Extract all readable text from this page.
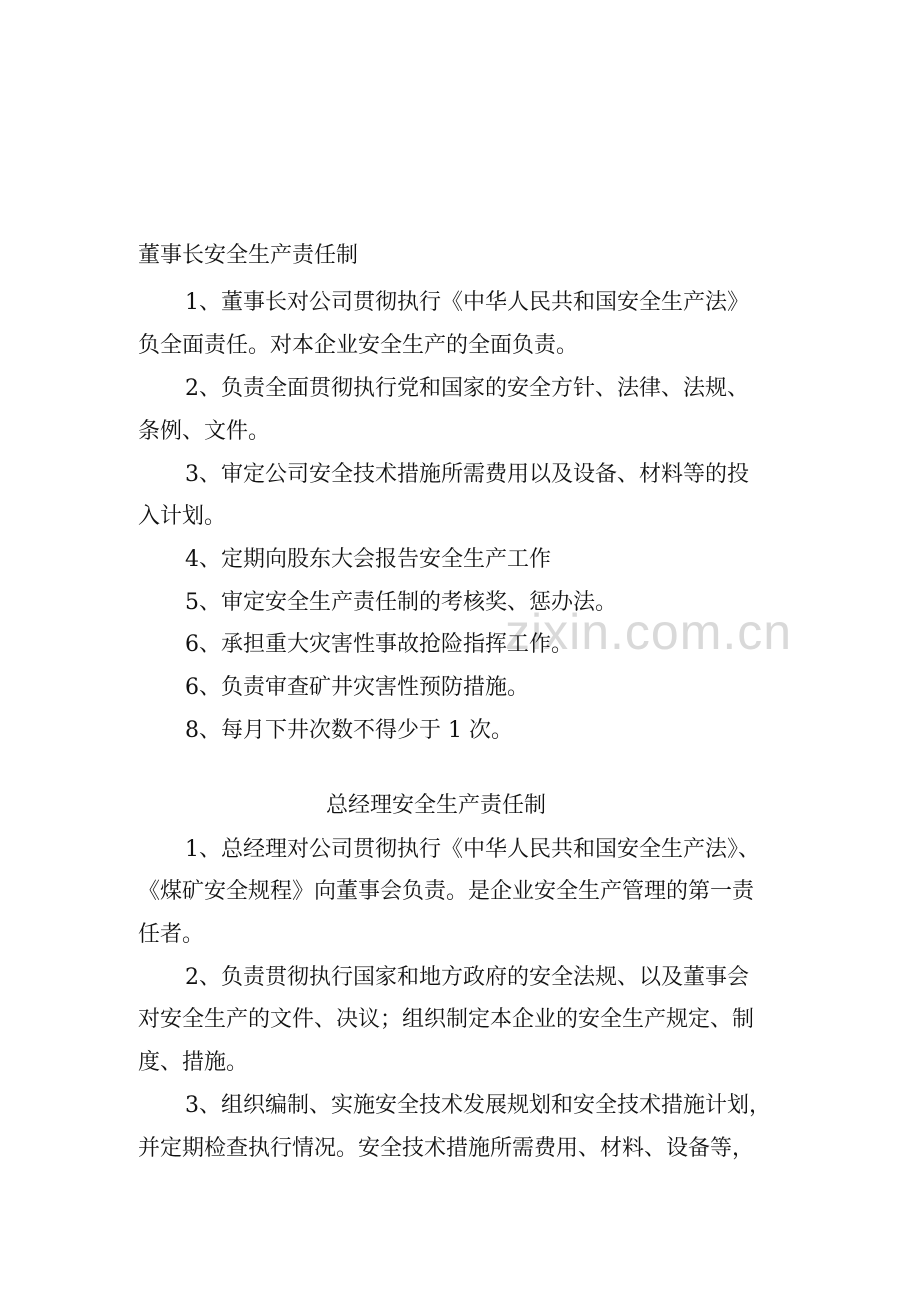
zixin.com.cn
董事长安全生产责任制
1、董事长对公司贯彻执行《中华人民共和国安全生产法》
负全面责任。对本企业安全生产的全面负责。
2、负责全面贯彻执行党和国家的安全方针、法律、法规、
条例、文件。
3、审定公司安全技术措施所需费用以及设备、材料等的投
入计划。
4、定期向股东大会报告安全生产工作
5、审定安全生产责任制的考核奖、惩办法。
6、承担重大灾害性事故抢险指挥工作。
6、负责审查矿井灾害性预防措施。
8、每月下井次数不得少于 1 次。
总经理安全生产责任制
1、总经理对公司贯彻执行《中华人民共和国安全生产法》、
《煤矿安全规程》向董事会负责。是企业安全生产管理的第一责
任者。
2、负责贯彻执行国家和地方政府的安全法规、以及董事会
对安全生产的文件、决议；组织制定本企业的安全生产规定、制
度、措施。
3、组织编制、实施安全技术发展规划和安全技术措施计划，
并定期检查执行情况。安全技术措施所需费用、材料、设备等，
